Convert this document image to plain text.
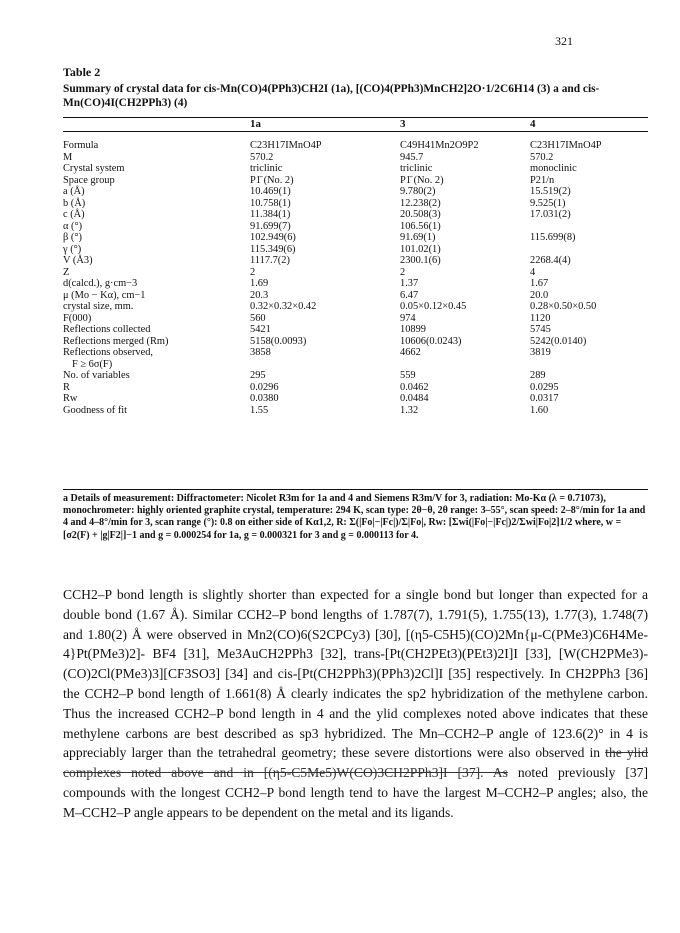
321
Table 2
Summary of crystal data for cis-Mn(CO)4(PPh3)CH2I (1a), [(CO)4(PPh3)MnCH2]2O·1/2C6H14 (3) a and cis-Mn(CO)4I(CH2PPh3) (4)
	1a	3	4
Formula	C23H17IMnO4P	C49H41Mn2O9P2	C23H17IMnO4P
M	570.2	945.7	570.2
Crystal system	triclinic	triclinic	monoclinic
Space group	P1̄ (No. 2)	P1̄ (No. 2)	P21/n
a (Å)	10.469(1)	9.780(2)	15.519(2)
b (Å)	10.758(1)	12.238(2)	9.525(1)
c (Å)	11.384(1)	20.508(3)	17.031(2)
α (°)	91.699(7)	106.56(1)	
β (°)	102.949(6)	91.69(1)	115.699(8)
γ (°)	115.349(6)	101.02(1)	
V (Å3)	1117.7(2)	2300.1(6)	2268.4(4)
Z	2	2	4
d(calcd.), g·cm−3	1.69	1.37	1.67
μ (Mo − Kα), cm−1	20.3	6.47	20.0
crystal size, mm.	0.32×0.32×0.42	0.05×0.12×0.45	0.28×0.50×0.50
F(000)	560	974	1120
Reflections collected	5421	10899	5745
Reflections merged (Rm)	5158(0.0093)	10606(0.0243)	5242(0.0140)
Reflections observed,	3858	4662	3819
F ≥ 6σ(F)			
No. of variables	295	559	289
R	0.0296	0.0462	0.0295
Rw	0.0380	0.0484	0.0317
Goodness of fit	1.55	1.32	1.60
a Details of measurement: Diffractometer: Nicolet R3m for 1a and 4 and Siemens R3m/V for 3, radiation: Mo-Kα (λ = 0.71073), monochrometer: highly oriented graphite crystal, temperature: 294 K, scan type: 2θ−θ, 2θ range: 3–55°, scan speed: 2–8°/min for 1a and 4 and 4–8°/min for 3, scan range (°): 0.8 on either side of Kα1,2, R: Σ(|Fo|−|Fc|)/Σ|Fo|, Rw: [Σwi(|Fo|−|Fc|)2/Σwi|Fo|2]1/2 where, w = [σ2(F) + |g|F2|]−1 and g = 0.000254 for 1a, g = 0.000321 for 3 and g = 0.000113 for 4.

CCH2–P bond length is slightly shorter than expected for a single bond but longer than expected for a double bond (1.67 Å). Similar CCH2–P bond lengths of 1.787(7), 1.791(5), 1.755(13), 1.77(3), 1.748(7) and 1.80(2) Å were observed in Mn2(CO)6(S2CPCy3) [30], [(η5-C5H5)(CO)2Mn{μ-C(PMe3)C6H4Me-4}Pt(PMe3)2]- BF4 [31], Me3AuCH2PPh3 [32], trans-[Pt(CH2PEt3)(PEt3)2I]I [33], [W(CH2PMe3)- (CO)2Cl(PMe3)3][CF3SO3] [34] and cis-[Pt(CH2PPh3)(PPh3)2Cl]I [35] respectively. In CH2PPh3 [36] the CCH2–P bond length of 1.661(8) Å clearly indicates the sp2 hybridization of the methylene carbon. Thus the increased CCH2–P bond length in 4 and the ylid complexes noted above indicates that these methylene carbons are best described as sp3 hybridized. The Mn–CCH2–P angle of 123.6(2)° in 4 is appreciably larger than the tetrahedral geometry; these severe distortions were also observed in the ylid complexes noted above and in [(η5-C5Me5)W(CO)3CH2PPh3]I [37]. As noted previously [37] compounds with the longest CCH2–P bond length tend to have the largest M–CCH2–P angles; also, the M–CCH2–P angle appears to be dependent on the metal and its ligands.
